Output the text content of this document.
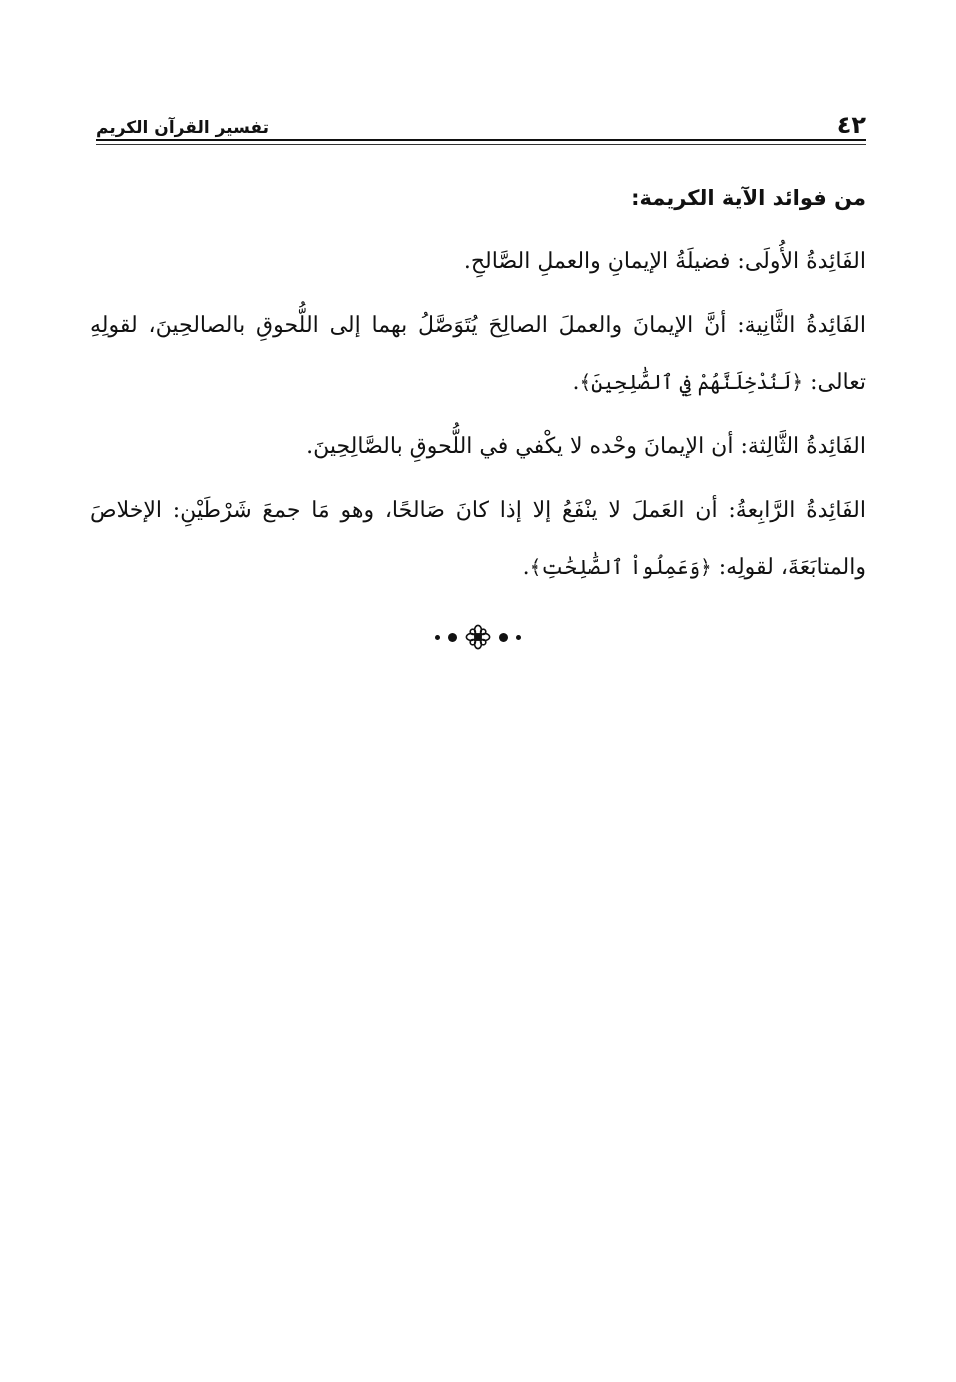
٤٢
تفسير القرآن الكريم

من فوائد الآية الكريمة:

الفَائِدةُ الأُولَى: فضيلَةُ الإيمانِ والعملِ الصَّالحِ.

الفَائِدةُ الثَّانِية: أنَّ الإيمانَ والعملَ الصالِحَ يُتَوَصَّلُ بهما إلى اللُّحوقِ بالصالحِينَ، لقولِهِ تعالى: ﴿لَنُدْخِلَنَّهُمْ فِي ٱلصَّٰلِحِينَ﴾.

الفَائِدةُ الثَّالِثة: أن الإيمانَ وحْده لا يكْفي في اللُّحوقِ بالصَّالِحِينَ.

الفَائِدةُ الرَّابِعةُ: أن العَملَ لا ينْفَعُ إلا إذا كانَ صَالحًا، وهو مَا جمعَ شَرْطَيْنِ: الإخلاصَ والمتابَعَةَ، لقولِه: ﴿وَعَمِلُواْ ٱلصَّٰلِحَٰتِ﴾.
